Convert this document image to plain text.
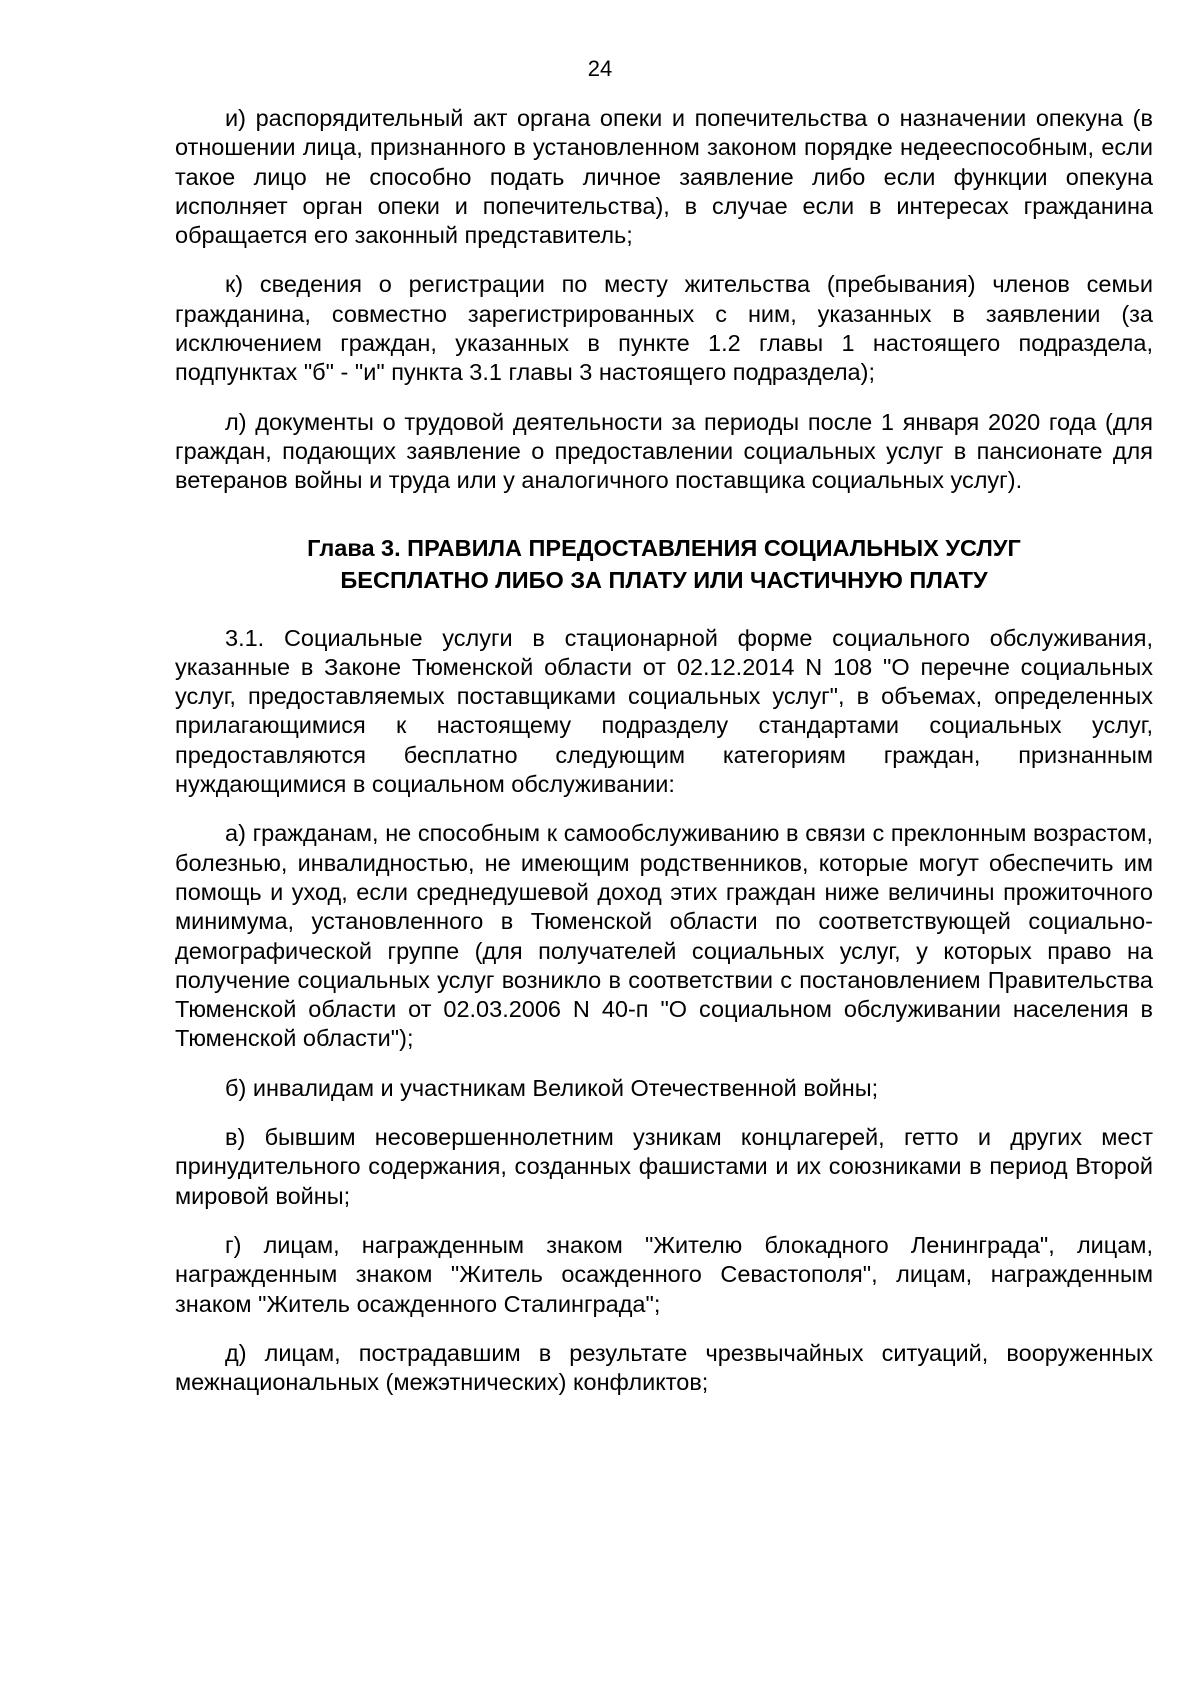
24

и) распорядительный акт органа опеки и попечительства о назначении опекуна (в отношении лица, признанного в установленном законом порядке недееспособным, если такое лицо не способно подать личное заявление либо если функции опекуна исполняет орган опеки и попечительства), в случае если в интересах гражданина обращается его законный представитель;

к) сведения о регистрации по месту жительства (пребывания) членов семьи гражданина, совместно зарегистрированных с ним, указанных в заявлении (за исключением граждан, указанных в пункте 1.2 главы 1 настоящего подраздела, подпунктах "б" - "и" пункта 3.1 главы 3 настоящего подраздела);

л) документы о трудовой деятельности за периоды после 1 января 2020 года (для граждан, подающих заявление о предоставлении социальных услуг в пансионате для ветеранов войны и труда или у аналогичного поставщика социальных услуг).

Глава 3. ПРАВИЛА ПРЕДОСТАВЛЕНИЯ СОЦИАЛЬНЫХ УСЛУГ
БЕСПЛАТНО ЛИБО ЗА ПЛАТУ ИЛИ ЧАСТИЧНУЮ ПЛАТУ

3.1. Социальные услуги в стационарной форме социального обслуживания, указанные в Законе Тюменской области от 02.12.2014 N 108 "О перечне социальных услуг, предоставляемых поставщиками социальных услуг", в объемах, определенных прилагающимися к настоящему подразделу стандартами социальных услуг, предоставляются бесплатно следующим категориям граждан, признанным нуждающимися в социальном обслуживании:

а) гражданам, не способным к самообслуживанию в связи с преклонным возрастом, болезнью, инвалидностью, не имеющим родственников, которые могут обеспечить им помощь и уход, если среднедушевой доход этих граждан ниже величины прожиточного минимума, установленного в Тюменской области по соответствующей социально-демографической группе (для получателей социальных услуг, у которых право на получение социальных услуг возникло в соответствии с постановлением Правительства Тюменской области от 02.03.2006 N 40-п "О социальном обслуживании населения в Тюменской области");

б) инвалидам и участникам Великой Отечественной войны;

в) бывшим несовершеннолетним узникам концлагерей, гетто и других мест принудительного содержания, созданных фашистами и их союзниками в период Второй мировой войны;

г) лицам, награжденным знаком "Жителю блокадного Ленинграда", лицам, награжденным знаком "Житель осажденного Севастополя", лицам, награжденным знаком "Житель осажденного Сталинграда";

д) лицам, пострадавшим в результате чрезвычайных ситуаций, вооруженных межнациональных (межэтнических) конфликтов;
